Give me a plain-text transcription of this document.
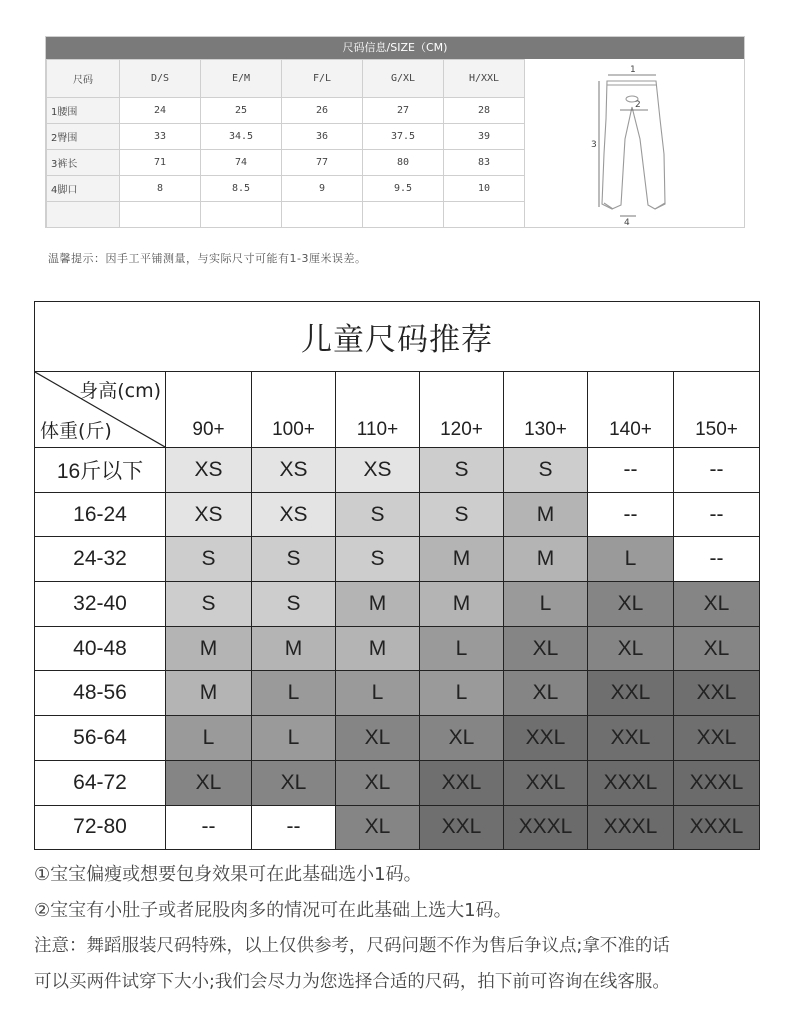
尺码信息/SIZE（CM)
尺码	D/S	E/M	F/L	G/XL	H/XXL
1腰围	24	25	26	27	28
2臀围	33	34.5	36	37.5	39
3裤长	71	74	77	80	83
4脚口	8	8.5	9	9.5	10

1
2
3
4
温馨提示：因手工平铺测量，与实际尺寸可能有1-3厘米误差。
儿童尺码推荐							

身高(cm)
体重(斤)	90+	100+	110+	120+	130+	140+	150+
16斤以下	XS	XS	XS	S	S	--	--
16-24	XS	XS	S	S	M	--	--
24-32	S	S	S	M	M	L	--
32-40	S	S	M	M	L	XL	XL
40-48	M	M	M	L	XL	XL	XL
48-56	M	L	L	L	XL	XXL	XXL
56-64	L	L	XL	XL	XXL	XXL	XXL
64-72	XL	XL	XL	XXL	XXL	XXXL	XXXL
72-80	--	--	XL	XXL	XXXL	XXXL	XXXL
①宝宝偏瘦或想要包身效果可在此基础选小1码。
②宝宝有小肚子或者屁股肉多的情况可在此基础上选大1码。
注意：舞蹈服装尺码特殊，以上仅供参考，尺码问题不作为售后争议点;拿不准的话
可以买两件试穿下大小;我们会尽力为您选择合适的尺码，拍下前可咨询在线客服。
